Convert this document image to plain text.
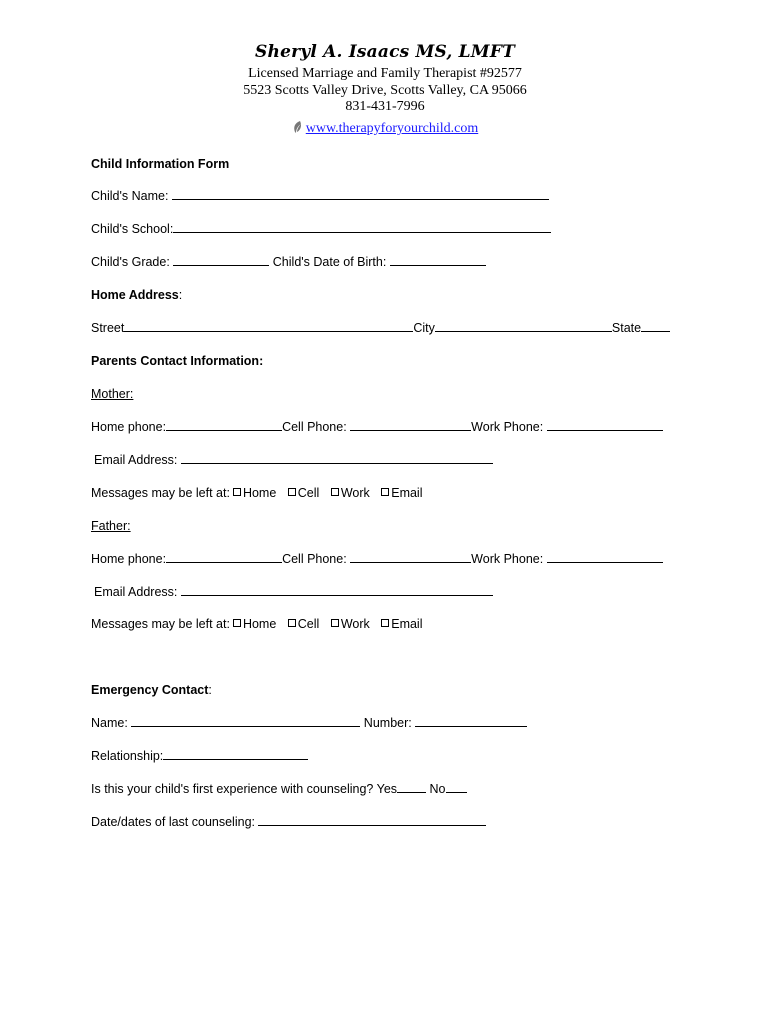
Sheryl A. Isaacs MS, LMFT
Licensed Marriage and Family Therapist #92577
5523 Scotts Valley Drive, Scotts Valley, CA 95066
831-431-7996
www.therapyforyourchild.com
Child Information Form
Child's Name:
Child's School:
Child's Grade:	Child's Date of Birth:
Home Address:
Street	City	State
Parents Contact Information:
Mother:
Home phone:	Cell Phone:	Work Phone:
Email Address:
Messages may be left at: Home Cell Work Email
Father:
Home phone:	Cell Phone:	Work Phone:
Email Address:
Messages may be left at: Home Cell Work Email
Emergency Contact:
Name:	Number:
Relationship:
Is this your child's first experience with counseling? Yes	No
Date/dates of last counseling:
